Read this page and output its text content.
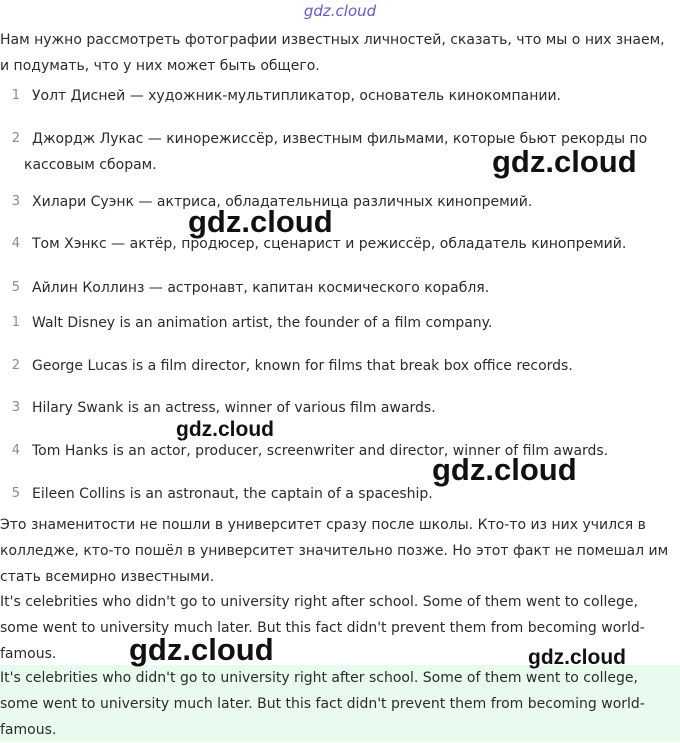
gdz.cloud

Нам нужно рассмотреть фотографии известных личностей, сказать, что мы о них знаем, и подумать, что у них может быть общего.

1 Уолт Дисней — художник-мультипликатор, основатель кинокомпании.
2 Джордж Лукас — кинорежиссёр, известным фильмами, которые бьют рекорды по
кассовым сборам.
3 Хилари Суэнк — актриса, обладательница различных кинопремий.
4 Том Хэнкс — актёр, продюсер, сценарист и режиссёр, обладатель кинопремий.
5 Айлин Коллинз — астронавт, капитан космического корабля.
1 Walt Disney is an animation artist, the founder of a film company.
2 George Lucas is a film director, known for films that break box office records.
3 Hilary Swank is an actress, winner of various film awards.
4 Tom Hanks is an actor, producer, screenwriter and director, winner of film awards.
5 Eileen Collins is an astronaut, the captain of a spaceship.

Это знаменитости не пошли в университет сразу после школы. Кто-то из них учился в колледже, кто-то пошёл в университет значительно позже. Но этот факт не помешал им стать всемирно известными.

It's celebrities who didn't go to university right after school. Some of them went to college, some went to university much later. But this fact didn't prevent them from becoming world-famous.

It's celebrities who didn't go to university right after school. Some of them went to college, some went to university much later. But this fact didn't prevent them from becoming world-famous.

gdz.cloud
gdz.cloud
gdz.cloud
gdz.cloud
gdz.cloud	gdz.cloud
